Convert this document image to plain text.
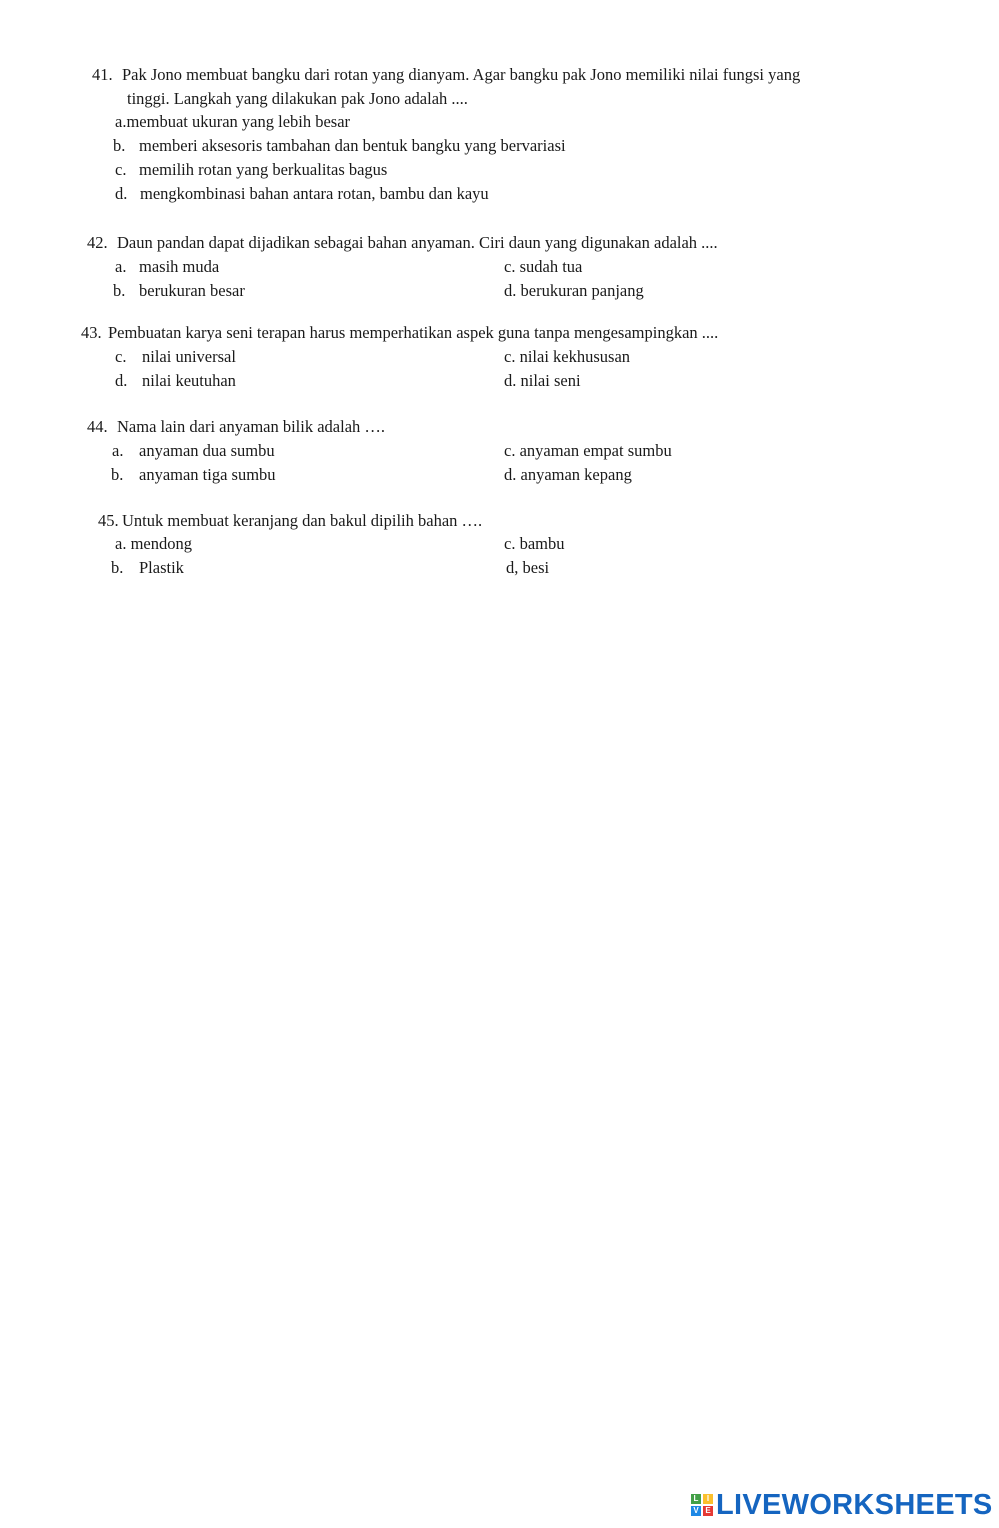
41. Pak Jono membuat bangku dari rotan yang dianyam. Agar bangku pak Jono memiliki nilai fungsi yang
tinggi. Langkah yang dilakukan pak Jono adalah ....
a.membuat ukuran yang lebih besar
b. memberi aksesoris tambahan dan bentuk bangku yang bervariasi
c. memilih rotan yang berkualitas bagus
d. mengkombinasi bahan antara rotan, bambu dan kayu
42. Daun pandan dapat dijadikan sebagai bahan anyaman. Ciri daun yang digunakan adalah ....
a. masih muda	c. sudah tua
b. berukuran besar	d. berukuran panjang
43. Pembuatan karya seni terapan harus memperhatikan aspek guna tanpa mengesampingkan ....
c. nilai universal	c. nilai kekhususan
d. nilai keutuhan	d. nilai seni
44. Nama lain dari anyaman bilik adalah ….
a. anyaman dua sumbu	c. anyaman empat sumbu
b. anyaman tiga sumbu	d. anyaman kepang
45. Untuk membuat keranjang dan bakul dipilih bahan ….
a. mendong	c. bambu
b. Plastik	d, besi
L	I
V E LIVEWORKSHEETS
